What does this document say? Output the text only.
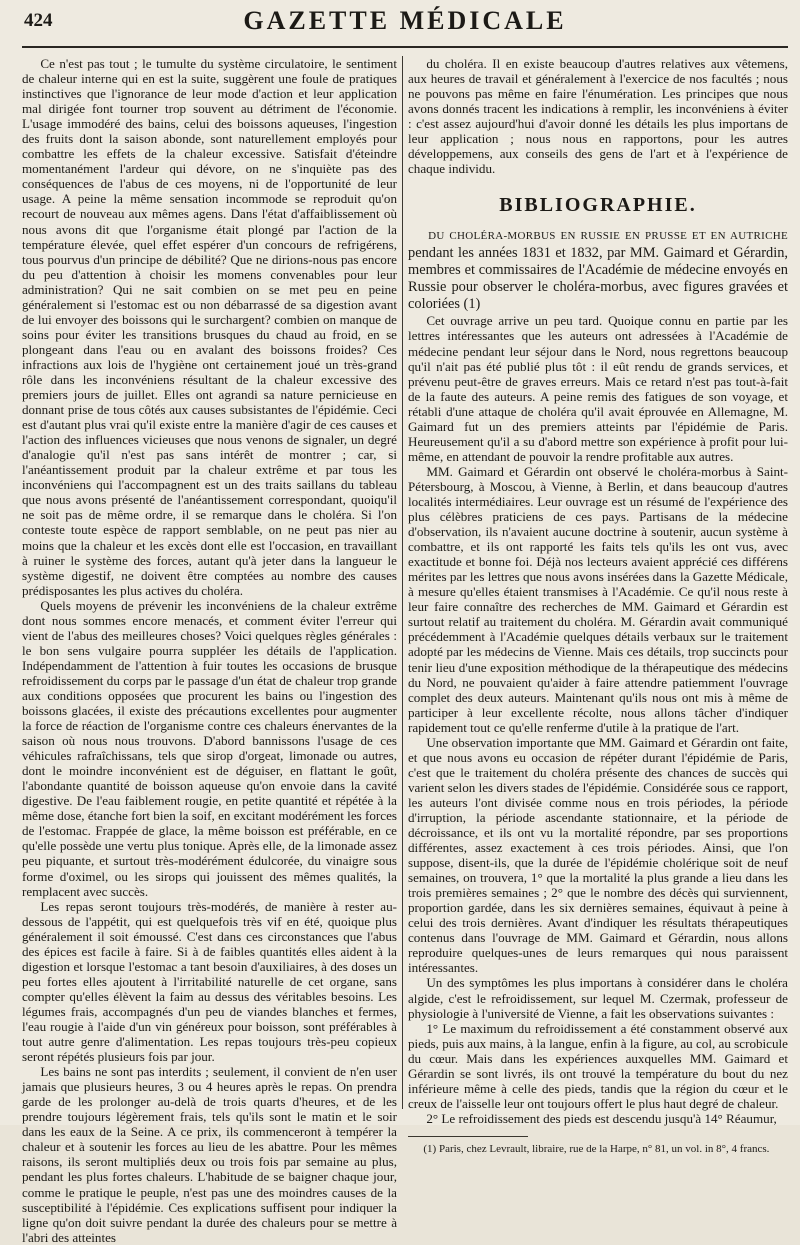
424	GAZETTE MÉDICALE

Ce n'est pas tout ; le tumulte du système circulatoire, le sentiment de chaleur interne qui en est la suite, suggèrent une foule de pratiques instinctives que l'ignorance de leur mode d'action et leur application mal dirigée font tourner trop souvent au détriment de l'économie. L'usage immodéré des bains, celui des boissons aqueuses, l'ingestion des fruits dont la saison abonde, sont naturellement employés pour combattre les effets de la chaleur excessive. Satisfait d'éteindre momentanément l'ardeur qui dévore, on ne s'inquiète pas des conséquences de l'abus de ces moyens, ni de l'opportunité de leur usage. A peine la même sensation incommode se reproduit qu'on recourt de nouveau aux mêmes agens. Dans l'état d'affaiblissement où nous avons dit que l'organisme était plongé par l'action de la température élevée, quel effet espérer d'un concours de refrigérens, tous pourvus d'un principe de débilité? Que ne dirions-nous pas encore du peu d'attention à choisir les momens convenables pour leur administration? Qui ne sait combien on se met peu en peine généralement si l'estomac est ou non débarrassé de sa digestion avant de lui envoyer des boissons qui le surchargent? combien on manque de soins pour éviter les transitions brusques du chaud au froid, en se plongeant dans l'eau ou en avalant des boissons froides? Ces infractions aux lois de l'hygiène ont certainement joué un très-grand rôle dans les inconvéniens résultant de la chaleur excessive des premiers jours de juillet. Elles ont agrandi sa nature pernicieuse en donnant prise de tous côtés aux causes subsistantes de l'épidémie. Ceci est d'autant plus vrai qu'il existe entre la manière d'agir de ces causes et l'action des influences vicieuses que nous venons de signaler, un degré d'analogie qu'il n'est pas sans intérêt de montrer ; car, si l'anéantissement produit par la chaleur extrême et par tous les inconvéniens qui l'accompagnent est un des traits saillans du tableau que nous avons présenté de l'anéantissement correspondant, quoiqu'il ne soit pas de même ordre, il se remarque dans le choléra. Si l'on conteste toute espèce de rapport semblable, on ne peut pas nier au moins que la chaleur et les excès dont elle est l'occasion, en travaillant à ruiner le système des forces, autant qu'à jeter dans la langueur le système digestif, ne doivent être comptées au nombre des causes prédisposantes les plus actives du choléra.

Quels moyens de prévenir les inconvéniens de la chaleur extrême dont nous sommes encore menacés, et comment éviter l'erreur qui vient de l'abus des meilleures choses? Voici quelques règles générales : le bon sens vulgaire pourra suppléer les détails de l'application. Indépendamment de l'attention à fuir toutes les occasions de brusque refroidissement du corps par le passage d'un état de chaleur trop grande aux conditions opposées que procurent les bains ou l'ingestion des boissons glacées, il existe des précautions excellentes pour augmenter la force de réaction de l'organisme contre ces chaleurs énervantes de la saison où nous nous trouvons. D'abord bannissons l'usage de ces véhicules rafraîchissans, tels que sirop d'orgeat, limonade ou autres, dont le moindre inconvénient est de déguiser, en flattant le goût, l'abondante quantité de boisson aqueuse qu'on envoie dans la cavité digestive. De l'eau faiblement rougie, en petite quantité et répétée à la même dose, étanche fort bien la soif, en excitant modérément les forces de l'estomac. Frappée de glace, la même boisson est préférable, en ce qu'elle possède une vertu plus tonique. Après elle, de la limonade assez peu piquante, et surtout très-modérément édulcorée, du vinaigre sous forme d'oximel, ou les sirops qui jouissent des mêmes qualités, la remplacent avec succès.

Les repas seront toujours très-modérés, de manière à rester au-dessous de l'appétit, qui est quelquefois très vif en été, quoique plus généralement il soit émoussé. C'est dans ces circonstances que l'abus des épices est facile à faire. Si à de faibles quantités elles aident à la digestion et lorsque l'estomac a tant besoin d'auxiliaires, à des doses un peu fortes elles ajoutent à l'irritabilité naturelle de cet organe, sans compter qu'elles élèvent la faim au dessus des véritables besoins. Les légumes frais, accompagnés d'un peu de viandes blanches et fermes, l'eau rougie à l'aide d'un vin généreux pour boisson, sont préférables à tout autre genre d'alimentation. Les repas toujours très-peu copieux seront répétés plusieurs fois par jour.

Les bains ne sont pas interdits ; seulement, il convient de n'en user jamais que plusieurs heures, 3 ou 4 heures après le repas. On prendra garde de les prolonger au-delà de trois quarts d'heures, et de les prendre toujours légèrement frais, tels qu'ils sont le matin et le soir dans les eaux de la Seine. A ce prix, ils commenceront à tempérer la chaleur et à soutenir les forces au lieu de les abattre. Pour les mêmes raisons, ils seront multipliés deux ou trois fois par semaine au plus, pendant les plus fortes chaleurs. L'habitude de se baigner chaque jour, comme le pratique le peuple, n'est pas une des moindres causes de la susceptibilité à l'épidémie. Ces explications suffisent pour indiquer la ligne qu'on doit suivre pendant la durée des chaleurs pour se mettre à l'abri des atteintes

du choléra. Il en existe beaucoup d'autres relatives aux vêtemens, aux heures de travail et généralement à l'exercice de nos facultés ; nous ne pouvons pas même en faire l'énumération. Les principes que nous avons donnés tracent les indications à remplir, les inconvéniens à éviter : c'est assez aujourd'hui d'avoir donné les détails les plus importans de leur application ; nous nous en rapportons, pour les autres développemens, aux conseils des gens de l'art et à l'expérience de chaque individu.

BIBLIOGRAPHIE.

DU CHOLÉRA-MORBUS EN RUSSIE EN PRUSSE ET EN AUTRICHE pendant les années 1831 et 1832, par MM. Gaimard et Gérardin, membres et commissaires de l'Académie de médecine envoyés en Russie pour observer le choléra-morbus, avec figures gravées et coloriées (1)

Cet ouvrage arrive un peu tard. Quoique connu en partie par les lettres intéressantes que les auteurs ont adressées à l'Académie de médecine pendant leur séjour dans le Nord, nous regrettons beaucoup qu'il n'ait pas été publié plus tôt : il eût rendu de grands services, et prévenu peut-être de graves erreurs. Mais ce retard n'est pas tout-à-fait de la faute des auteurs. A peine remis des fatigues de son voyage, et rétabli d'une attaque de choléra qu'il avait éprouvée en Allemagne, M. Gaimard fut un des premiers atteints par l'épidémie de Paris. Heureusement qu'il a su d'abord mettre son expérience à profit pour lui-même, en attendant de pouvoir la rendre profitable aux autres.

MM. Gaimard et Gérardin ont observé le choléra-morbus à Saint-Pétersbourg, à Moscou, à Vienne, à Berlin, et dans beaucoup d'autres localités intermédiaires. Leur ouvrage est un résumé de l'expérience des plus célèbres praticiens de ces pays. Partisans de la médecine d'observation, ils n'avaient aucune doctrine à soutenir, aucun système à combattre, et ils ont rapporté les faits tels qu'ils les ont vus, avec exactitude et bonne foi. Déjà nos lecteurs avaient apprécié ces différens mérites par les lettres que nous avons insérées dans la Gazette Médicale, à mesure qu'elles étaient transmises à l'Académie. Ce qu'il nous reste à leur faire connaître des recherches de MM. Gaimard et Gérardin est surtout relatif au traitement du choléra. M. Gérardin avait communiqué précédemment à l'Académie quelques détails verbaux sur le traitement adopté par les médecins de Vienne. Mais ces détails, trop succincts pour tenir lieu d'une exposition méthodique de la thérapeutique des médecins du Nord, ne pouvaient qu'aider à faire attendre patiemment l'ouvrage complet des deux auteurs. Maintenant qu'ils nous ont mis à même de participer à leur excellente récolte, nous allons tâcher d'indiquer rapidement tout ce qu'elle renferme d'utile à la pratique de l'art.

Une observation importante que MM. Gaimard et Gérardin ont faite, et que nous avons eu occasion de répéter durant l'épidémie de Paris, c'est que le traitement du choléra présente des chances de succès qui varient selon les divers stades de l'épidémie. Considérée sous ce rapport, les auteurs l'ont divisée comme nous en trois périodes, la période d'irruption, la période ascendante stationnaire, et la période de décroissance, et ils ont vu la mortalité répondre, par ses proportions différentes, assez exactement à ces trois périodes. Ainsi, que l'on suppose, disent-ils, que la durée de l'épidémie cholérique soit de neuf semaines, on trouvera, 1° que la mortalité la plus grande a lieu dans les trois premières semaines ; 2° que le nombre des décès qui surviennent, proportion gardée, dans les six dernières semaines, équivaut à peine à celui des trois dernières. Avant d'indiquer les résultats thérapeutiques contenus dans l'ouvrage de MM. Gaimard et Gérardin, nous allons reproduire quelques-unes de leurs remarques qui nous paraissent intéressantes.

Un des symptômes les plus importans à considérer dans le choléra algide, c'est le refroidissement, sur lequel M. Czermak, professeur de physiologie à l'université de Vienne, a fait les observations suivantes :

1° Le maximum du refroidissement a été constamment observé aux pieds, puis aux mains, à la langue, enfin à la figure, au col, au scrobicule du cœur. Mais dans les expériences auxquelles MM. Gaimard et Gérardin se sont livrés, ils ont trouvé la température du bout du nez inférieure même à celle des pieds, tandis que la région du cœur et le creux de l'aisselle leur ont toujours offert le plus haut degré de chaleur.

2° Le refroidissement des pieds est descendu jusqu'à 14° Réaumur,

(1) Paris, chez Levrault, libraire, rue de la Harpe, n° 81, un vol. in 8°, 4 francs.
